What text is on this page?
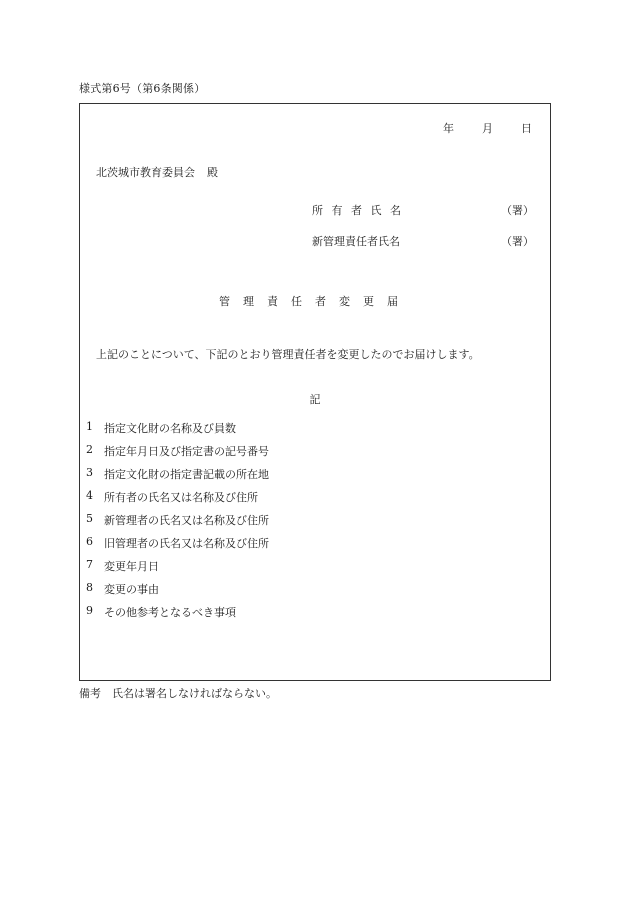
様式第6号（第6条関係）
年	月	日
北茨城市教育委員会 殿
所有者氏名	（署）
新管理責任者氏名	（署）
管理責任者変更届
上記のことについて、下記のとおり管理責任者を変更したのでお届けします。
記
1	指定文化財の名称及び員数
2	指定年月日及び指定書の記号番号
3	指定文化財の指定書記載の所在地
4	所有者の氏名又は名称及び住所
5	新管理者の氏名又は名称及び住所
6	旧管理者の氏名又は名称及び住所
7	変更年月日
8	変更の事由
9	その他参考となるべき事項
備考 氏名は署名しなければならない。
